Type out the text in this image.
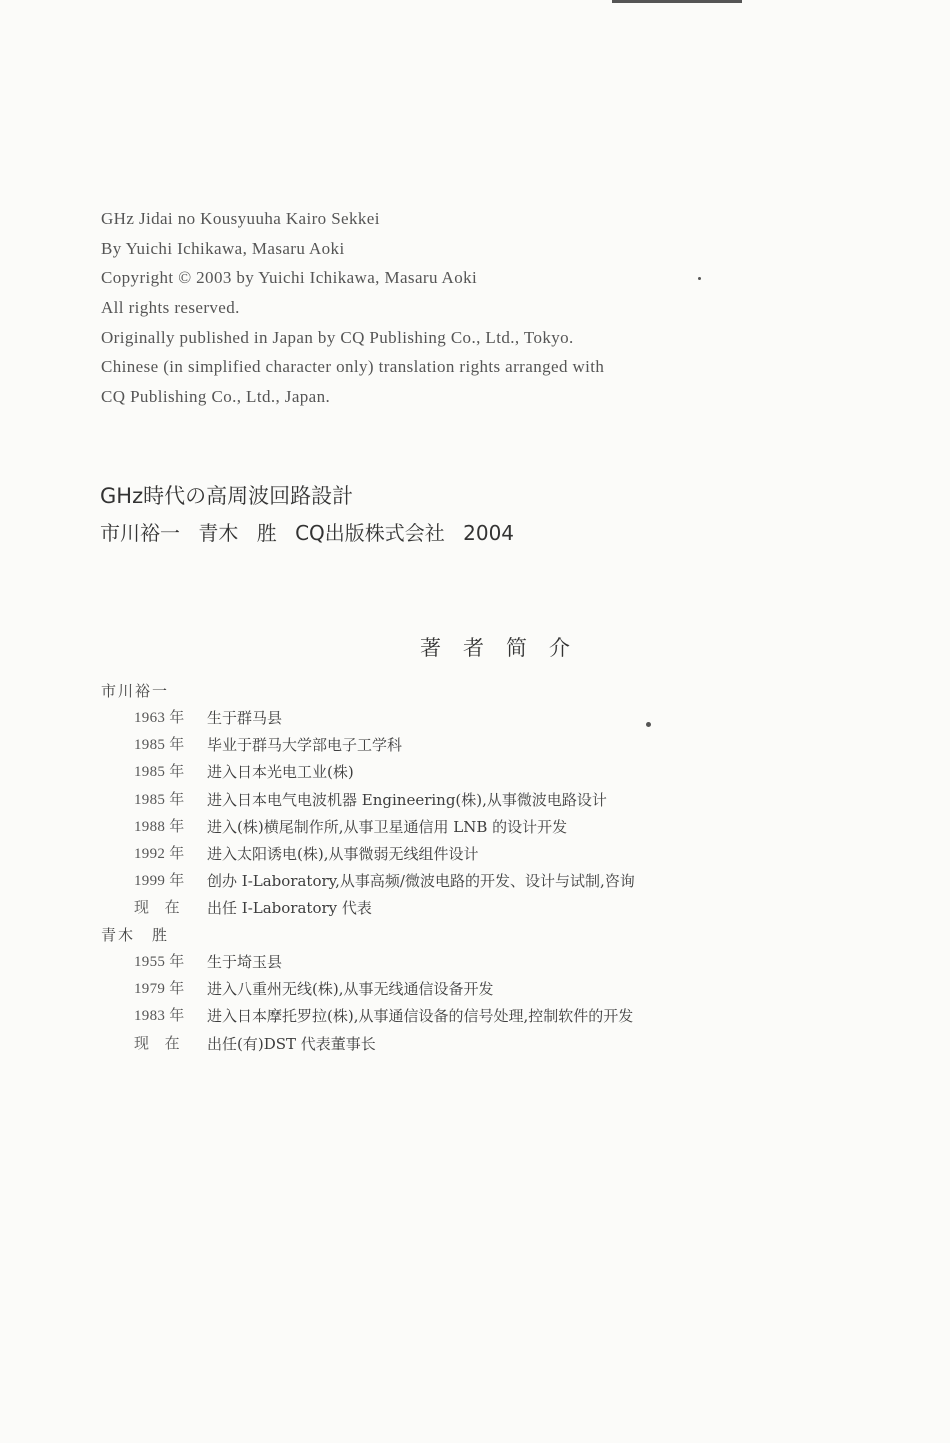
GHz Jidai no Kousyuuha Kairo Sekkei
By Yuichi Ichikawa, Masaru Aoki
Copyright © 2003 by Yuichi Ichikawa, Masaru Aoki
All rights reserved.
Originally published in Japan by CQ Publishing Co., Ltd., Tokyo.
Chinese (in simplified character only) translation rights arranged with
CQ Publishing Co., Ltd., Japan.
GHz時代の高周波回路設計
市川裕一 青木 胜 CQ出版株式会社 2004
著者简介
市川裕一
1963 年	生于群马县
1985 年	毕业于群马大学部电子工学科
1985 年	进入日本光电工业(株)
1985 年	进入日本电气电波机器 Engineering(株),从事微波电路设计
1988 年	进入(株)横尾制作所,从事卫星通信用 LNB 的设计开发
1992 年	进入太阳诱电(株),从事微弱无线组件设计
1999 年	创办 I-Laboratory,从事高频/微波电路的开发、设计与试制,咨询
现　在	出任 I-Laboratory 代表
青木　胜
1955 年	生于埼玉县
1979 年	进入八重州无线(株),从事无线通信设备开发
1983 年	进入日本摩托罗拉(株),从事通信设备的信号处理,控制软件的开发
现　在	出任(有)DST 代表董事长
